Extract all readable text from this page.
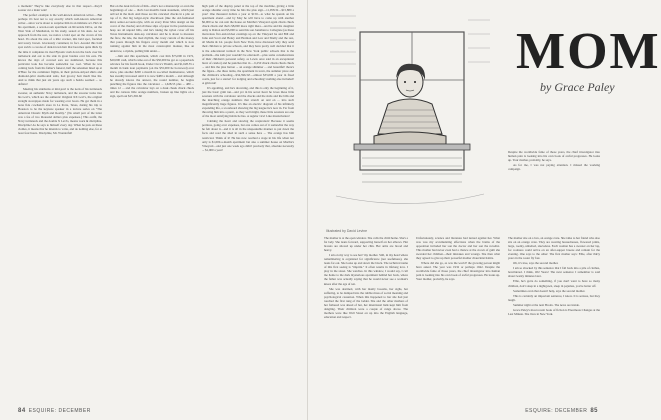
a moment? They're like everybody else in that respect—they'd sooner cut a main vein!

The perfect example is the well-known American writer.... But perhaps it's best not to say exactly which well-known American writer—since we're about to surprise him in an intimate act. He's in his apartment, a seven-room apartment on Riverside Drive, on the West Side of Manhattan, in his study, seated at his desk. As we approach from the rear, we notice a bald spot on the crown of his head. It's about the size of a Ritz cracker, this bald spot, freckled and toasty brown. Gloriously contained, in fact. Around this bald spot swirls a corona of dark-brown hair that becomes quite thick by the time it completes its mad Byronic rush down the back over his turtleneck and out to the side in great bustles over his ears. He knows the days of covered ears are numbered, because this particular look has become somewhat too cool. When he was coming back from his father's funeral, half the salesmen lined up at O'Hare for the commuter flights, in their picture-striped shirts and diamond-print double-knit suits, had groovy hair much like his. And to think that just six years ago such a hairdo seemed ... so defiant!

Meeting his sideburns at mid-jowl is the neck of his turtleneck sweater, an authentic Navy turtleneck, and the sweater tucks into his Levi's, which are the authentic Original XX Levi's, the original straight stovepipes made for wearing over boots. He got them in a bona fide cowhand's store in La Porte, Texas, during his trip to Houston to be the keynote speaker in a lecture series on "The American Dream: Myth and Reality." (No small part of the latter was a fee of two thousand dollars plus expenses.) This outfit, the Navy turtleneck and the double X Levi's, means work & discipline. Discipline! As he says to himself every day. When he puts on these clothes, it means that he intends to write, and do nothing else, for at least four hours. Discipline, Mr. Wonderful!

But on the desk in front of him—that's not a manuscript or even the beginnings of one ... that's last month's bank statement, which just arrived in the mail. And those are his canceled checks in a pile on top of it, that big ledger-style checkbook (like the old-fashioned kind, senior-account-style, with on every Peter Max design on the cover of the checks) and all these slips of paper in the promiscuous heap are all unpaid bills, and he's taking the nylon cover off his Texas Instruments desk-top calculator and he is about to measure the flow, the tide, the mad rhythm, the crazy current of the money that pours through his fingers every month and which is now running against him in the most catastrophic manner, like an undertow, a riptide, pulling him under—

—him and this apartment, which cost him $75,000 in 1972, $20,000 cash, which came out of the $50,000 he got as a paperback advance for his fourth book, Under Circe's Thumb, and $1,628.55 a month in bank loan payments (on the $55,000 he borrowed) ever since, plus another $200 a month in so-called maintenance, which has steadily increased until it is now $480 a month ... and although he already knows the answer, the round number, he begins punching the figures into the calculator ... 1,628.55 plus ... 480 ... times 12 ... and the calculator lays on a dusk cheek chuck chuck and the curious little orange numbers, broken up like lights on a sign, spell out $25,302.60

high path of the display panel at the top of the machine, giving a little orange shudder every time he hits the plus sign—11,958.32—$15,889 a year! One thousand dollars a year at $150—to what he spends on his apartment alone!—and by May he will have to come up with another $6,000 so he can rent the house on Martha's Vineyard again chuck chuck chuck chuck and that's $8,000 more right there—and he and his daughter Amy is Dalton and $5,000 to send his son Jonathan to Collegiate (as these marvelous five-and-tricket evenings up on the Vineyard he and Bill and Julie and Scott and Henry and Herman and Lew and Shelly and the rest, all Media & Lit. people from New York, have discussed why they send their children to private schools, and they have pretty well decided that it is the educational turmoil in the New York public schools that is the problem—the kids just wouldn't be educated!—plus some considerations of their children's personal safety, as Lewis once said in an exceptional burst of candor) and he punches that in ... 6,250 chuck chuck chuck chuck ... and hits the plus button ... an orange shimmer ... and beautiful! there's the figure—the three items, the apartment in town, the summer place and the children's schooling—$34,396.32!—almost $35,000 a year in fixed costls, just for a starter! for lodging and schooling! nothing else included! A grim nut!

It's appalling, and he's drowning, and this is only the beginning of it, just the basic grim nut—and yet in his secret heart he loves these little sessions with the calculator and the checks and the slabs and the bills and the marching orange numbers that stretch on and on ... into such magnificently huge figures. It's like an electric diagram of his infinitely expanding life, a scoreboard showing the big league he's now in. Far from throwing him into a panic, as they well might, these little sessions are one of the most satisfying habits he has. A regular vice! Like masturbation!

Calming the heart and slowing the respiration! Because it seems perilous, going over expenses, but one comes out of it somewhat the way he felt about it—and it is all in the unspeakable manner to put down the facts and read the shed in such a sense here ... The orange has him restricted. Think of it! He has now reached a stage in his life when not only is $1,000-a-month apartment but also a summer house on Martha's Vineyard—and just one week ago didn't precisely that, absolute necessity ... $1,900 a year!

84 ESQUIRE: DECEMBER
Illustrated by David Levine
MOM
by Grace Paley

Despite the worldwide fame of those years, the chief investigator into human pain is looking into his own book of awful progresses. He looks up. Your mother, probably, he says.

As for me, I was not paying attention. I missed the working campaign.

The mother is at the open window. She calls the child home. She's a fat lady. She leans forward, supporting herself on her elbows. Her breasts are shoved up under her chin. Her arms are broad and heavy.

I am on my way to see her? my mother. Still, in my head where remembering is organized for significance (not usefulness), she leans far out. She looks up and down the block. The technical name of this first seeing is "imprint." It often results in lifelong love. I play in the street. She watches. In this window, I would say, I call me home to the dark mysterious apartment behind her back, where the father was actually saying that he would never see a woman's knees after the age of ten.

She was destined, with her manly bosoms, her sighs, her suffering, to be dumped into the rubble mass of social meaning and psychological causation. When this happened to her she had just touched the first rung of the ladder. She and the other mothers of her fathered was ahead of her, her intentional bulk kept him from dangling. Their children were a couple of rungs above. The mothers were like Wall Street on up into the English language, education and respect.

Unfortunately, science and literature had turned against her. What was was my accumulating affections when the brains of the opposition included her son the doctor and her son the novelist. This mother had never even had a chance at the crown of guilt she awarded her children—their mistakes and wrongs. She then what they agreed to give up their powerful mother chauvinist habits.

Where did she go, as was the world? the growing person might have asked. The year was 1932 or perhaps 1942. Despite the worldwide fame of those years, the chief investigator into human pain is looking into his own book of awful progresses. He looks up. Your mother, probably, he says.

The mother site on a box, an orange crate. She talks to her friend who also sits on an orange crate. They are wearing housedresses, flowered prints, large, roomy, unbelted, sleeveless. Each woman has a sweater on her lap, for coolness could arrive on an after-supper breeze and remain for the evening. One says to the other: The first mother says: Ellie, after thirty years in the roster fly fast.

Oh, it's true, says the second mother.

I am so shocked by this sentence that I fall back into a pile of clothes, bewildered. I think, Oh! Years! The next sentence I remember is said about twenty minutes later.

Ellie, he's gotta do something, if you don't want to have so many children, don't sleep in a nightgown, sleep in pajamas, you're better off.

Sometimes even that doesn't help, says the second mother.

This is certainly an important sentence, I know. It is serious, but they laugh.

Summer night at the next Bronx. The news are inside.

Grace Paley's most recent book of fiction is Enormous Changes at the Last Minute. She lives in New York.

ESQUIRE: DECEMBER 85
